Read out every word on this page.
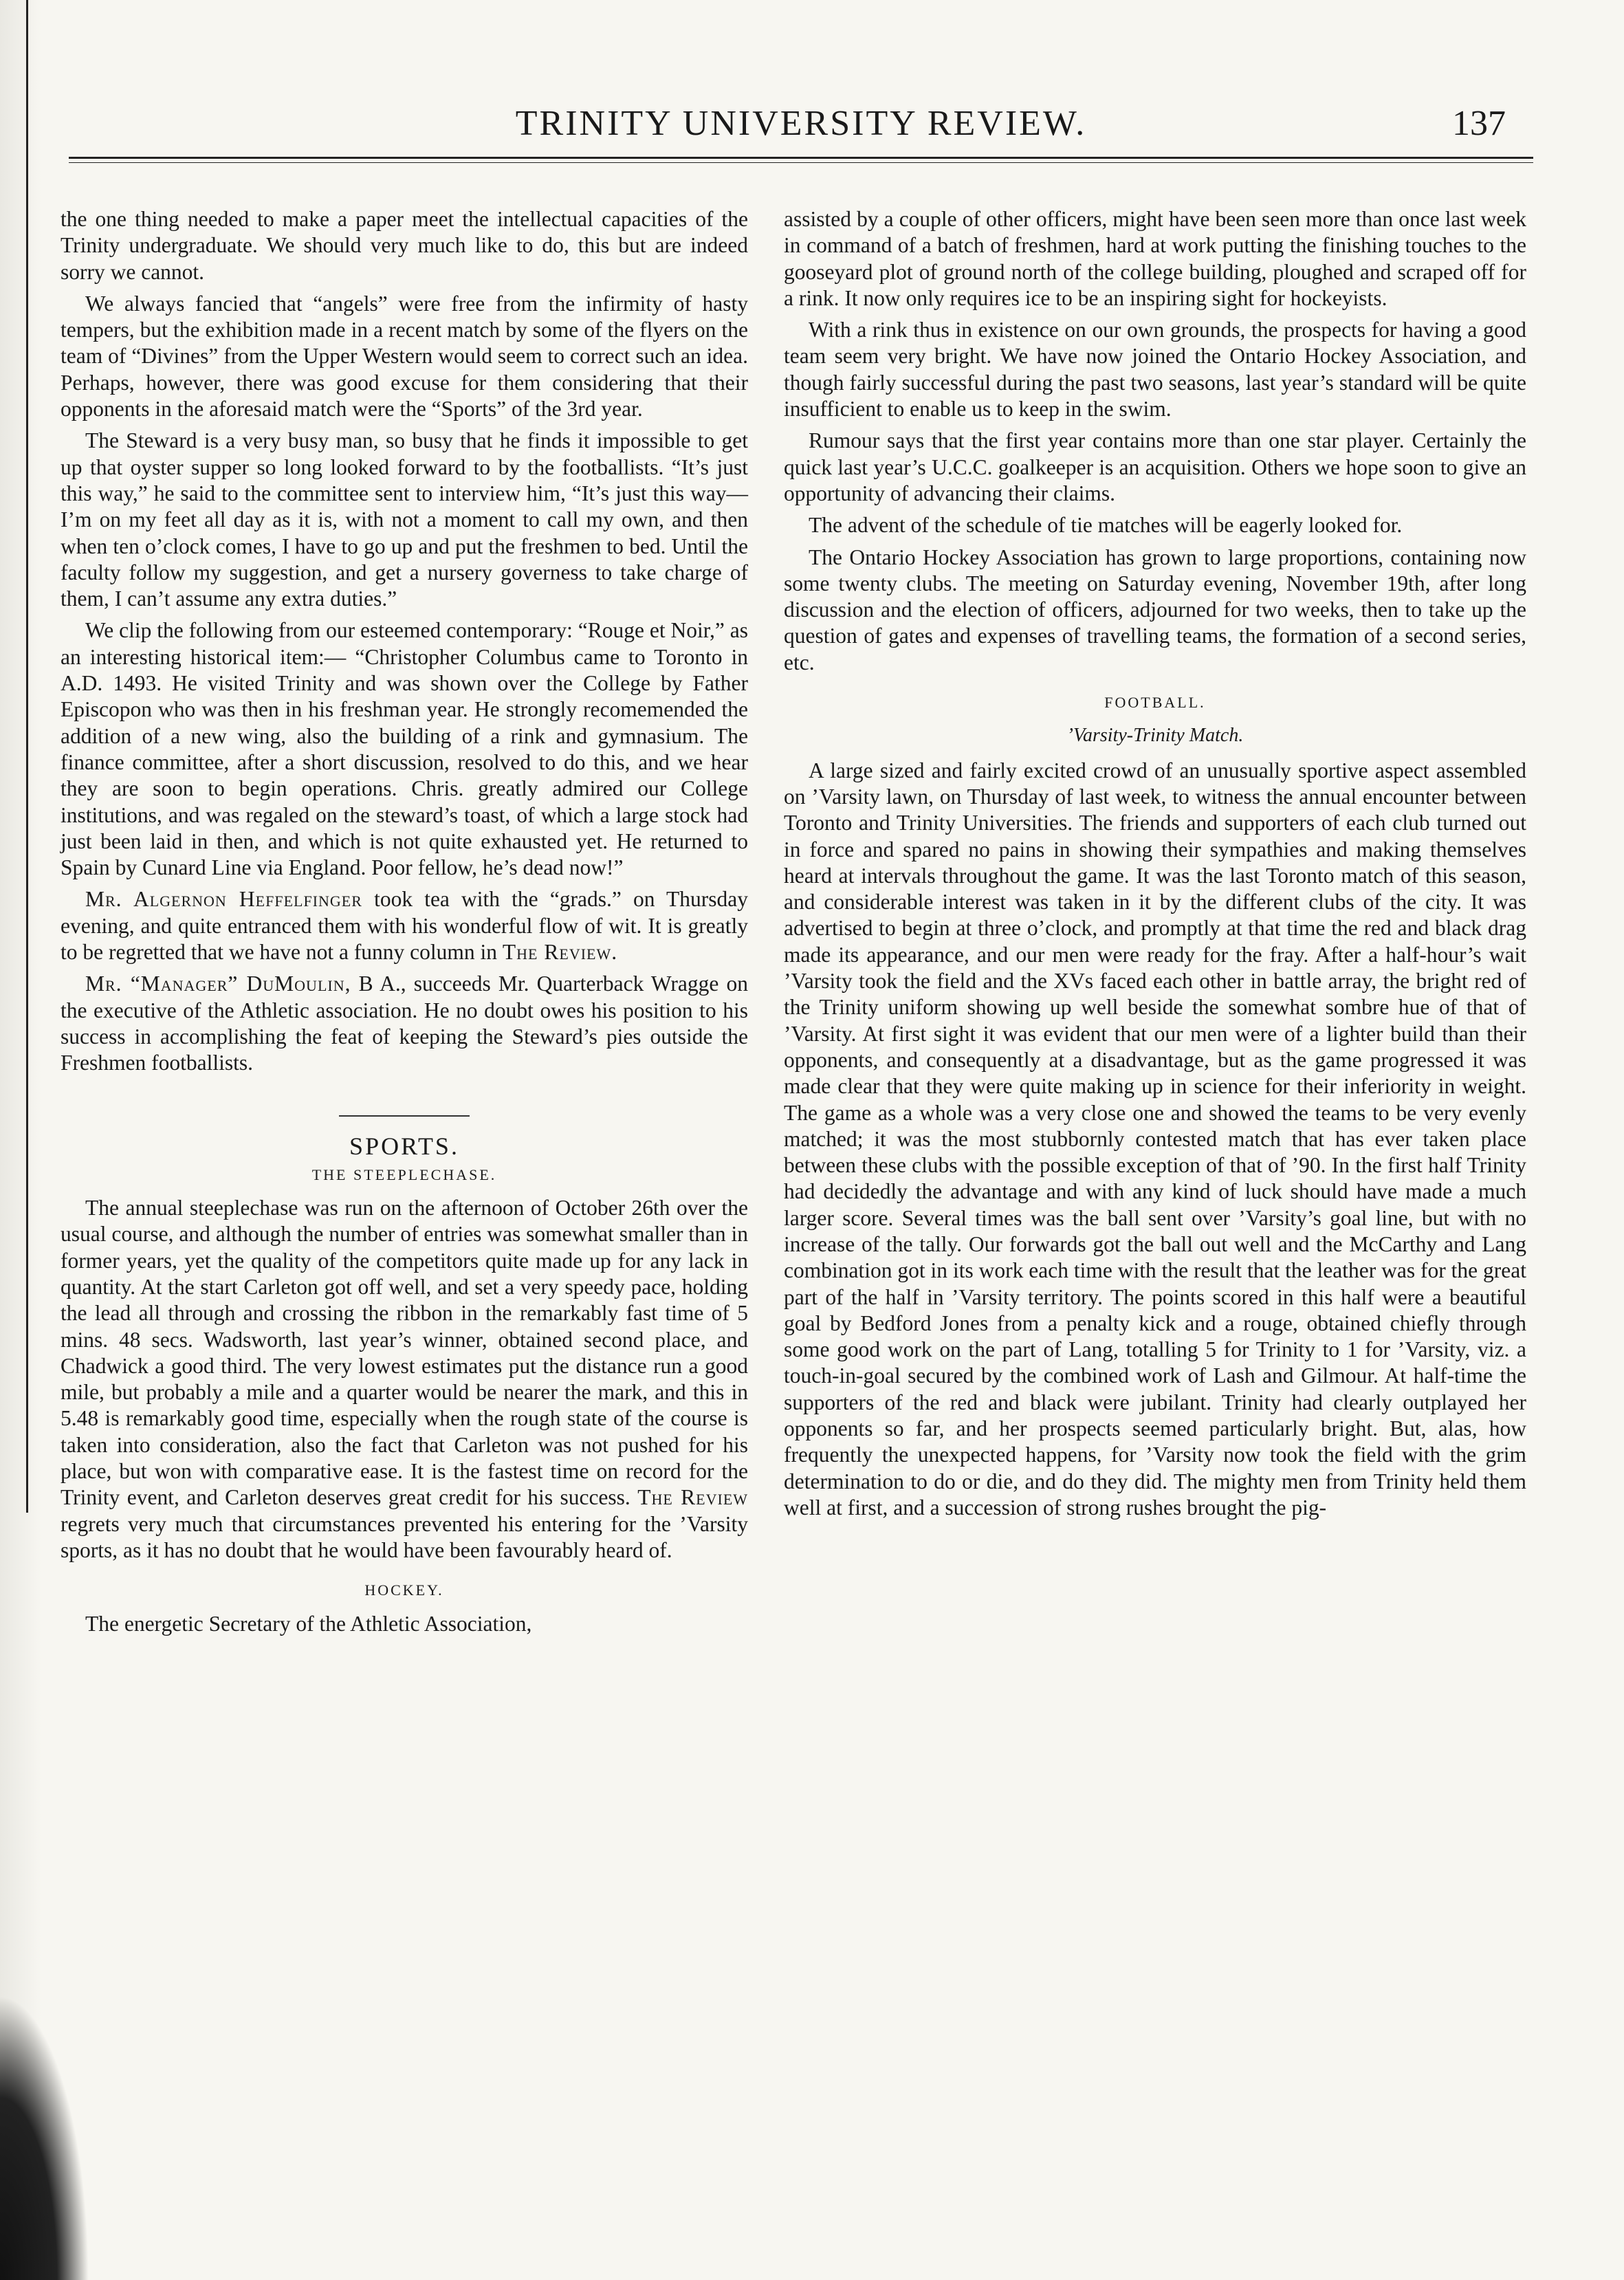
TRINITY UNIVERSITY REVIEW.	137

the one thing needed to make a paper meet the intellectual capacities of the Trinity undergraduate. We should very much like to do, this but are indeed sorry we cannot.

We always fancied that “angels” were free from the infirmity of hasty tempers, but the exhibition made in a recent match by some of the flyers on the team of “Divines” from the Upper Western would seem to correct such an idea. Perhaps, however, there was good excuse for them considering that their opponents in the aforesaid match were the “Sports” of the 3rd year.

The Steward is a very busy man, so busy that he finds it impossible to get up that oyster supper so long looked forward to by the footballists. “It’s just this way,” he said to the committee sent to interview him, “It’s just this way—I’m on my feet all day as it is, with not a moment to call my own, and then when ten o’clock comes, I have to go up and put the freshmen to bed. Until the faculty follow my suggestion, and get a nursery governess to take charge of them, I can’t assume any extra duties.”

We clip the following from our esteemed contemporary: “Rouge et Noir,” as an interesting historical item:— “Christopher Columbus came to Toronto in A.D. 1493. He visited Trinity and was shown over the College by Father Episcopon who was then in his freshman year. He strongly recomemended the addition of a new wing, also the building of a rink and gymnasium. The finance committee, after a short discussion, resolved to do this, and we hear they are soon to begin operations. Chris. greatly admired our College institutions, and was regaled on the steward’s toast, of which a large stock had just been laid in then, and which is not quite exhausted yet. He returned to Spain by Cunard Line via England. Poor fellow, he’s dead now!”

Mr. Algernon Heffelfinger took tea with the “grads.” on Thursday evening, and quite entranced them with his wonderful flow of wit. It is greatly to be regretted that we have not a funny column in The Review.

Mr. “Manager” DuMoulin, B A., succeeds Mr. Quarterback Wragge on the executive of the Athletic association. He no doubt owes his position to his success in accomplishing the feat of keeping the Steward’s pies outside the Freshmen footballists.

SPORTS.
THE STEEPLECHASE.

The annual steeplechase was run on the afternoon of October 26th over the usual course, and although the number of entries was somewhat smaller than in former years, yet the quality of the competitors quite made up for any lack in quantity. At the start Carleton got off well, and set a very speedy pace, holding the lead all through and crossing the ribbon in the remarkably fast time of 5 mins. 48 secs. Wadsworth, last year’s winner, obtained second place, and Chadwick a good third. The very lowest estimates put the distance run a good mile, but probably a mile and a quarter would be nearer the mark, and this in 5.48 is remarkably good time, especially when the rough state of the course is taken into consideration, also the fact that Carleton was not pushed for his place, but won with comparative ease. It is the fastest time on record for the Trinity event, and Carleton deserves great credit for his success. The Review regrets very much that circumstances prevented his entering for the ’Varsity sports, as it has no doubt that he would have been favourably heard of.

HOCKEY.

The energetic Secretary of the Athletic Association,

assisted by a couple of other officers, might have been seen more than once last week in command of a batch of freshmen, hard at work putting the finishing touches to the gooseyard plot of ground north of the college building, ploughed and scraped off for a rink. It now only requires ice to be an inspiring sight for hockeyists.

With a rink thus in existence on our own grounds, the prospects for having a good team seem very bright. We have now joined the Ontario Hockey Association, and though fairly successful during the past two seasons, last year’s standard will be quite insufficient to enable us to keep in the swim.

Rumour says that the first year contains more than one star player. Certainly the quick last year’s U.C.C. goalkeeper is an acquisition. Others we hope soon to give an opportunity of advancing their claims.

The advent of the schedule of tie matches will be eagerly looked for.

The Ontario Hockey Association has grown to large proportions, containing now some twenty clubs. The meeting on Saturday evening, November 19th, after long discussion and the election of officers, adjourned for two weeks, then to take up the question of gates and expenses of travelling teams, the formation of a second series, etc.

FOOTBALL.
’Varsity-Trinity Match.

A large sized and fairly excited crowd of an unusually sportive aspect assembled on ’Varsity lawn, on Thursday of last week, to witness the annual encounter between Toronto and Trinity Universities. The friends and supporters of each club turned out in force and spared no pains in showing their sympathies and making themselves heard at intervals throughout the game. It was the last Toronto match of this season, and considerable interest was taken in it by the different clubs of the city. It was advertised to begin at three o’clock, and promptly at that time the red and black drag made its appearance, and our men were ready for the fray. After a half-hour’s wait ’Varsity took the field and the XVs faced each other in battle array, the bright red of the Trinity uniform showing up well beside the somewhat sombre hue of that of ’Varsity. At first sight it was evident that our men were of a lighter build than their opponents, and consequently at a disadvantage, but as the game progressed it was made clear that they were quite making up in science for their inferiority in weight. The game as a whole was a very close one and showed the teams to be very evenly matched; it was the most stubbornly contested match that has ever taken place between these clubs with the possible exception of that of ’90. In the first half Trinity had decidedly the advantage and with any kind of luck should have made a much larger score. Several times was the ball sent over ’Varsity’s goal line, but with no increase of the tally. Our forwards got the ball out well and the McCarthy and Lang combination got in its work each time with the result that the leather was for the great part of the half in ’Varsity territory. The points scored in this half were a beautiful goal by Bedford Jones from a penalty kick and a rouge, obtained chiefly through some good work on the part of Lang, totalling 5 for Trinity to 1 for ’Varsity, viz. a touch-in-goal secured by the combined work of Lash and Gilmour. At half-time the supporters of the red and black were jubilant. Trinity had clearly outplayed her opponents so far, and her prospects seemed particularly bright. But, alas, how frequently the unexpected happens, for ’Varsity now took the field with the grim determination to do or die, and do they did. The mighty men from Trinity held them well at first, and a succession of strong rushes brought the pig-
